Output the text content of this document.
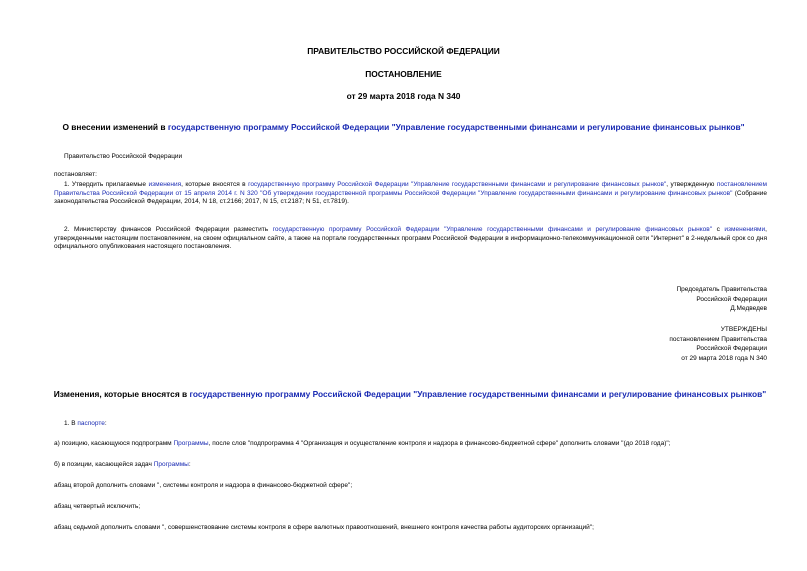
ПРАВИТЕЛЬСТВО РОССИЙСКОЙ ФЕДЕРАЦИИ
ПОСТАНОВЛЕНИЕ
от 29 марта 2018 года N 340
О внесении изменений в государственную программу Российской Федерации "Управление государственными финансами и регулирование финансовых рынков"
Правительство Российской Федерации
постановляет:
1. Утвердить прилагаемые изменения, которые вносятся в государственную программу Российской Федерации "Управление государственными финансами и регулирование финансовых рынков", утвержденную постановлением Правительства Российской Федерации от 15 апреля 2014 г. N 320 "Об утверждении государственной программы Российской Федерации "Управление государственными финансами и регулирование финансовых рынков" (Собрание законодательства Российской Федерации, 2014, N 18, ст.2166; 2017, N 15, ст.2187; N 51, ст.7819).
2. Министерству финансов Российской Федерации разместить государственную программу Российской Федерации "Управление государственными финансами и регулирование финансовых рынков" с изменениями, утвержденными настоящим постановлением, на своем официальном сайте, а также на портале государственных программ Российской Федерации в информационно-телекоммуникационной сети "Интернет" в 2-недельный срок со дня официального опубликования настоящего постановления.
Председатель Правительства
Российской Федерации
Д.Медведев
УТВЕРЖДЕНЫ
постановлением Правительства
Российской Федерации
от 29 марта 2018 года N 340
Изменения, которые вносятся в государственную программу Российской Федерации "Управление государственными финансами и регулирование финансовых рынков"
1. В паспорте:
а) позицию, касающуюся подпрограмм Программы, после слов "подпрограмма 4 "Организация и осуществление контроля и надзора в финансово-бюджетной сфере" дополнить словами "(до 2018 года)";
б) в позиции, касающейся задач Программы:
абзац второй дополнить словами ", системы контроля и надзора в финансово-бюджетной сфере";
абзац четвертый исключить;
абзац седьмой дополнить словами ", совершенствование системы контроля в сфере валютных правоотношений, внешнего контроля качества работы аудиторских организаций";
